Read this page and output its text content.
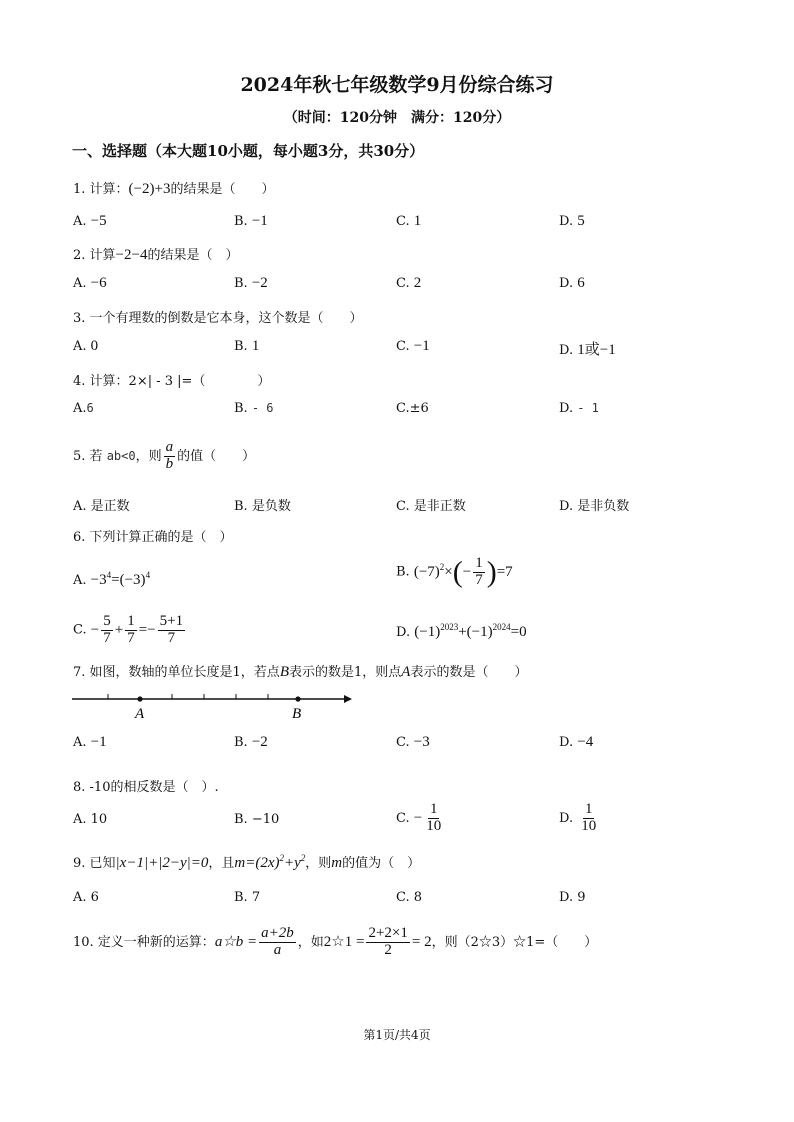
2024年秋七年级数学9月份综合练习
（时间：120分钟　满分：120分）
一、选择题（本大题10小题，每小题3分，共30分）
1. 计算：(−2)+3的结果是（　　）
A. −5	B. −1	C. 1	D. 5
2. 计算−2−4的结果是（　）
A. −6	B. −2	C. 2	D. 6
3. 一个有理数的倒数是它本身，这个数是（　　）
A. 0	B. 1	C. −1	D. 1或−1
4. 计算：2×| - 3 |=（　　　　）
A.6	B. - 6	C.±6	D. - 1
5. 若 ab<0，则 $\frac{a}{b}$ 的值（　　）
A. 是正数	B. 是负数	C. 是非正数	D. 是非负数
6. 下列计算正确的是（　）
A. $-3^4=(-3)^4$	B. $(-7)^2\times(- \frac{1}{7} )=7$
C. − $\frac{5}{7} + \frac{1}{7} =- \frac{5+1}{7}$	D. $(-1)^{2023}+(-1)^{2024}=0$
7. 如图，数轴的单位长度是1，若点B表示的数是1，则点A表示的数是（　　）
A	B
A. −1	B. −2	C. −3	D. −4
8. -10的相反数是（　）.
A. 10	B. −10	C. − $\frac{1}{10}$	D. $\frac{1}{10}$
9. 已知|x−1|+|2−y|=0，且$m=(2x)^2+y^2$，则m的值为（　）
A. 6	B. 7	C. 8	D. 9
10. 定义一种新的运算：a☆b = $\frac{a+2b}{a}$ ，如2☆1 = $\frac{2+2\times 1}{2} = 2$，则（2☆3）☆1=（　　）
第1页/共4页
